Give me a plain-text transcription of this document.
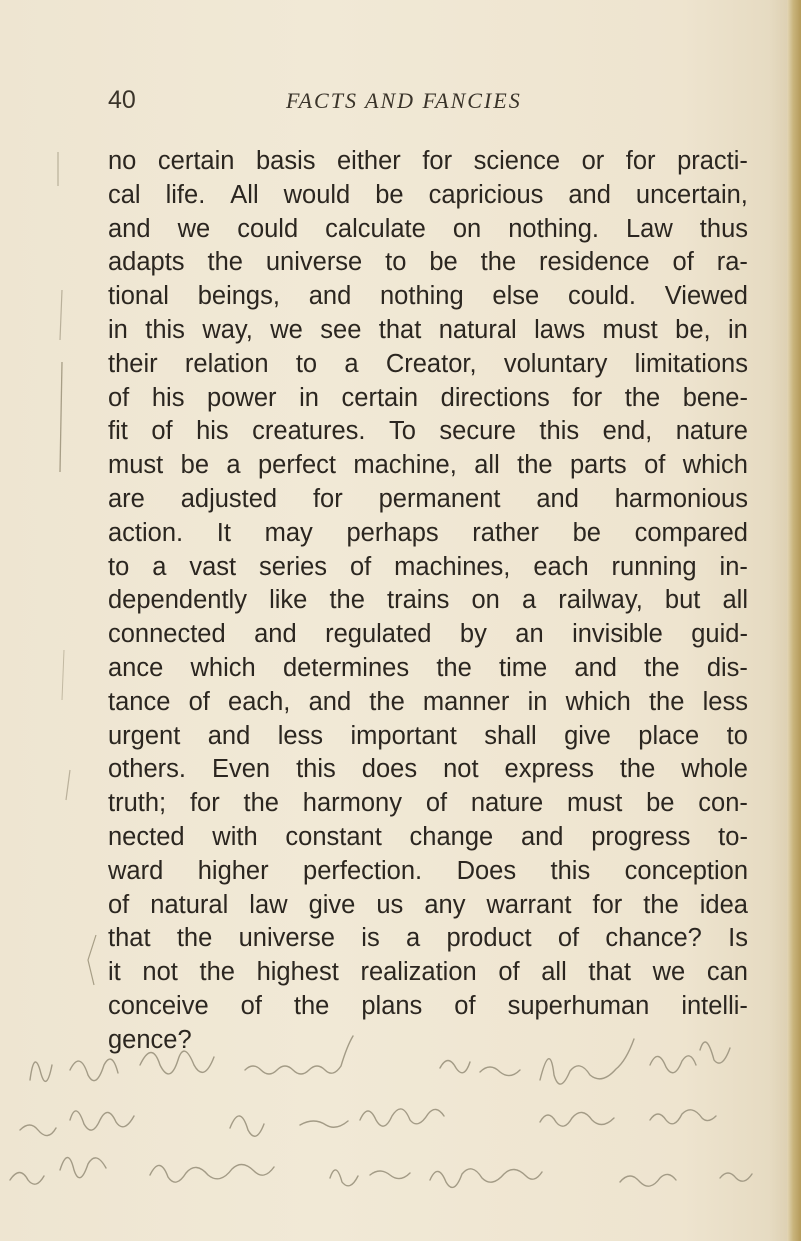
40	FACTS AND FANCIES
no certain basis either for science or for practi-
cal life. All would be capricious and uncertain,
and we could calculate on nothing. Law thus
adapts the universe to be the residence of ra-
tional beings, and nothing else could. Viewed
in this way, we see that natural laws must be, in
their relation to a Creator, voluntary limitations
of his power in certain directions for the bene-
fit of his creatures. To secure this end, nature
must be a perfect machine, all the parts of which
are adjusted for permanent and harmonious
action. It may perhaps rather be compared
to a vast series of machines, each running in-
dependently like the trains on a railway, but all
connected and regulated by an invisible guid-
ance which determines the time and the dis-
tance of each, and the manner in which the less
urgent and less important shall give place to
others. Even this does not express the whole
truth; for the harmony of nature must be con-
nected with constant change and progress to-
ward higher perfection. Does this conception
of natural law give us any warrant for the idea
that the universe is a product of chance? Is
it not the highest realization of all that we can
conceive of the plans of superhuman intelli-
gence?
